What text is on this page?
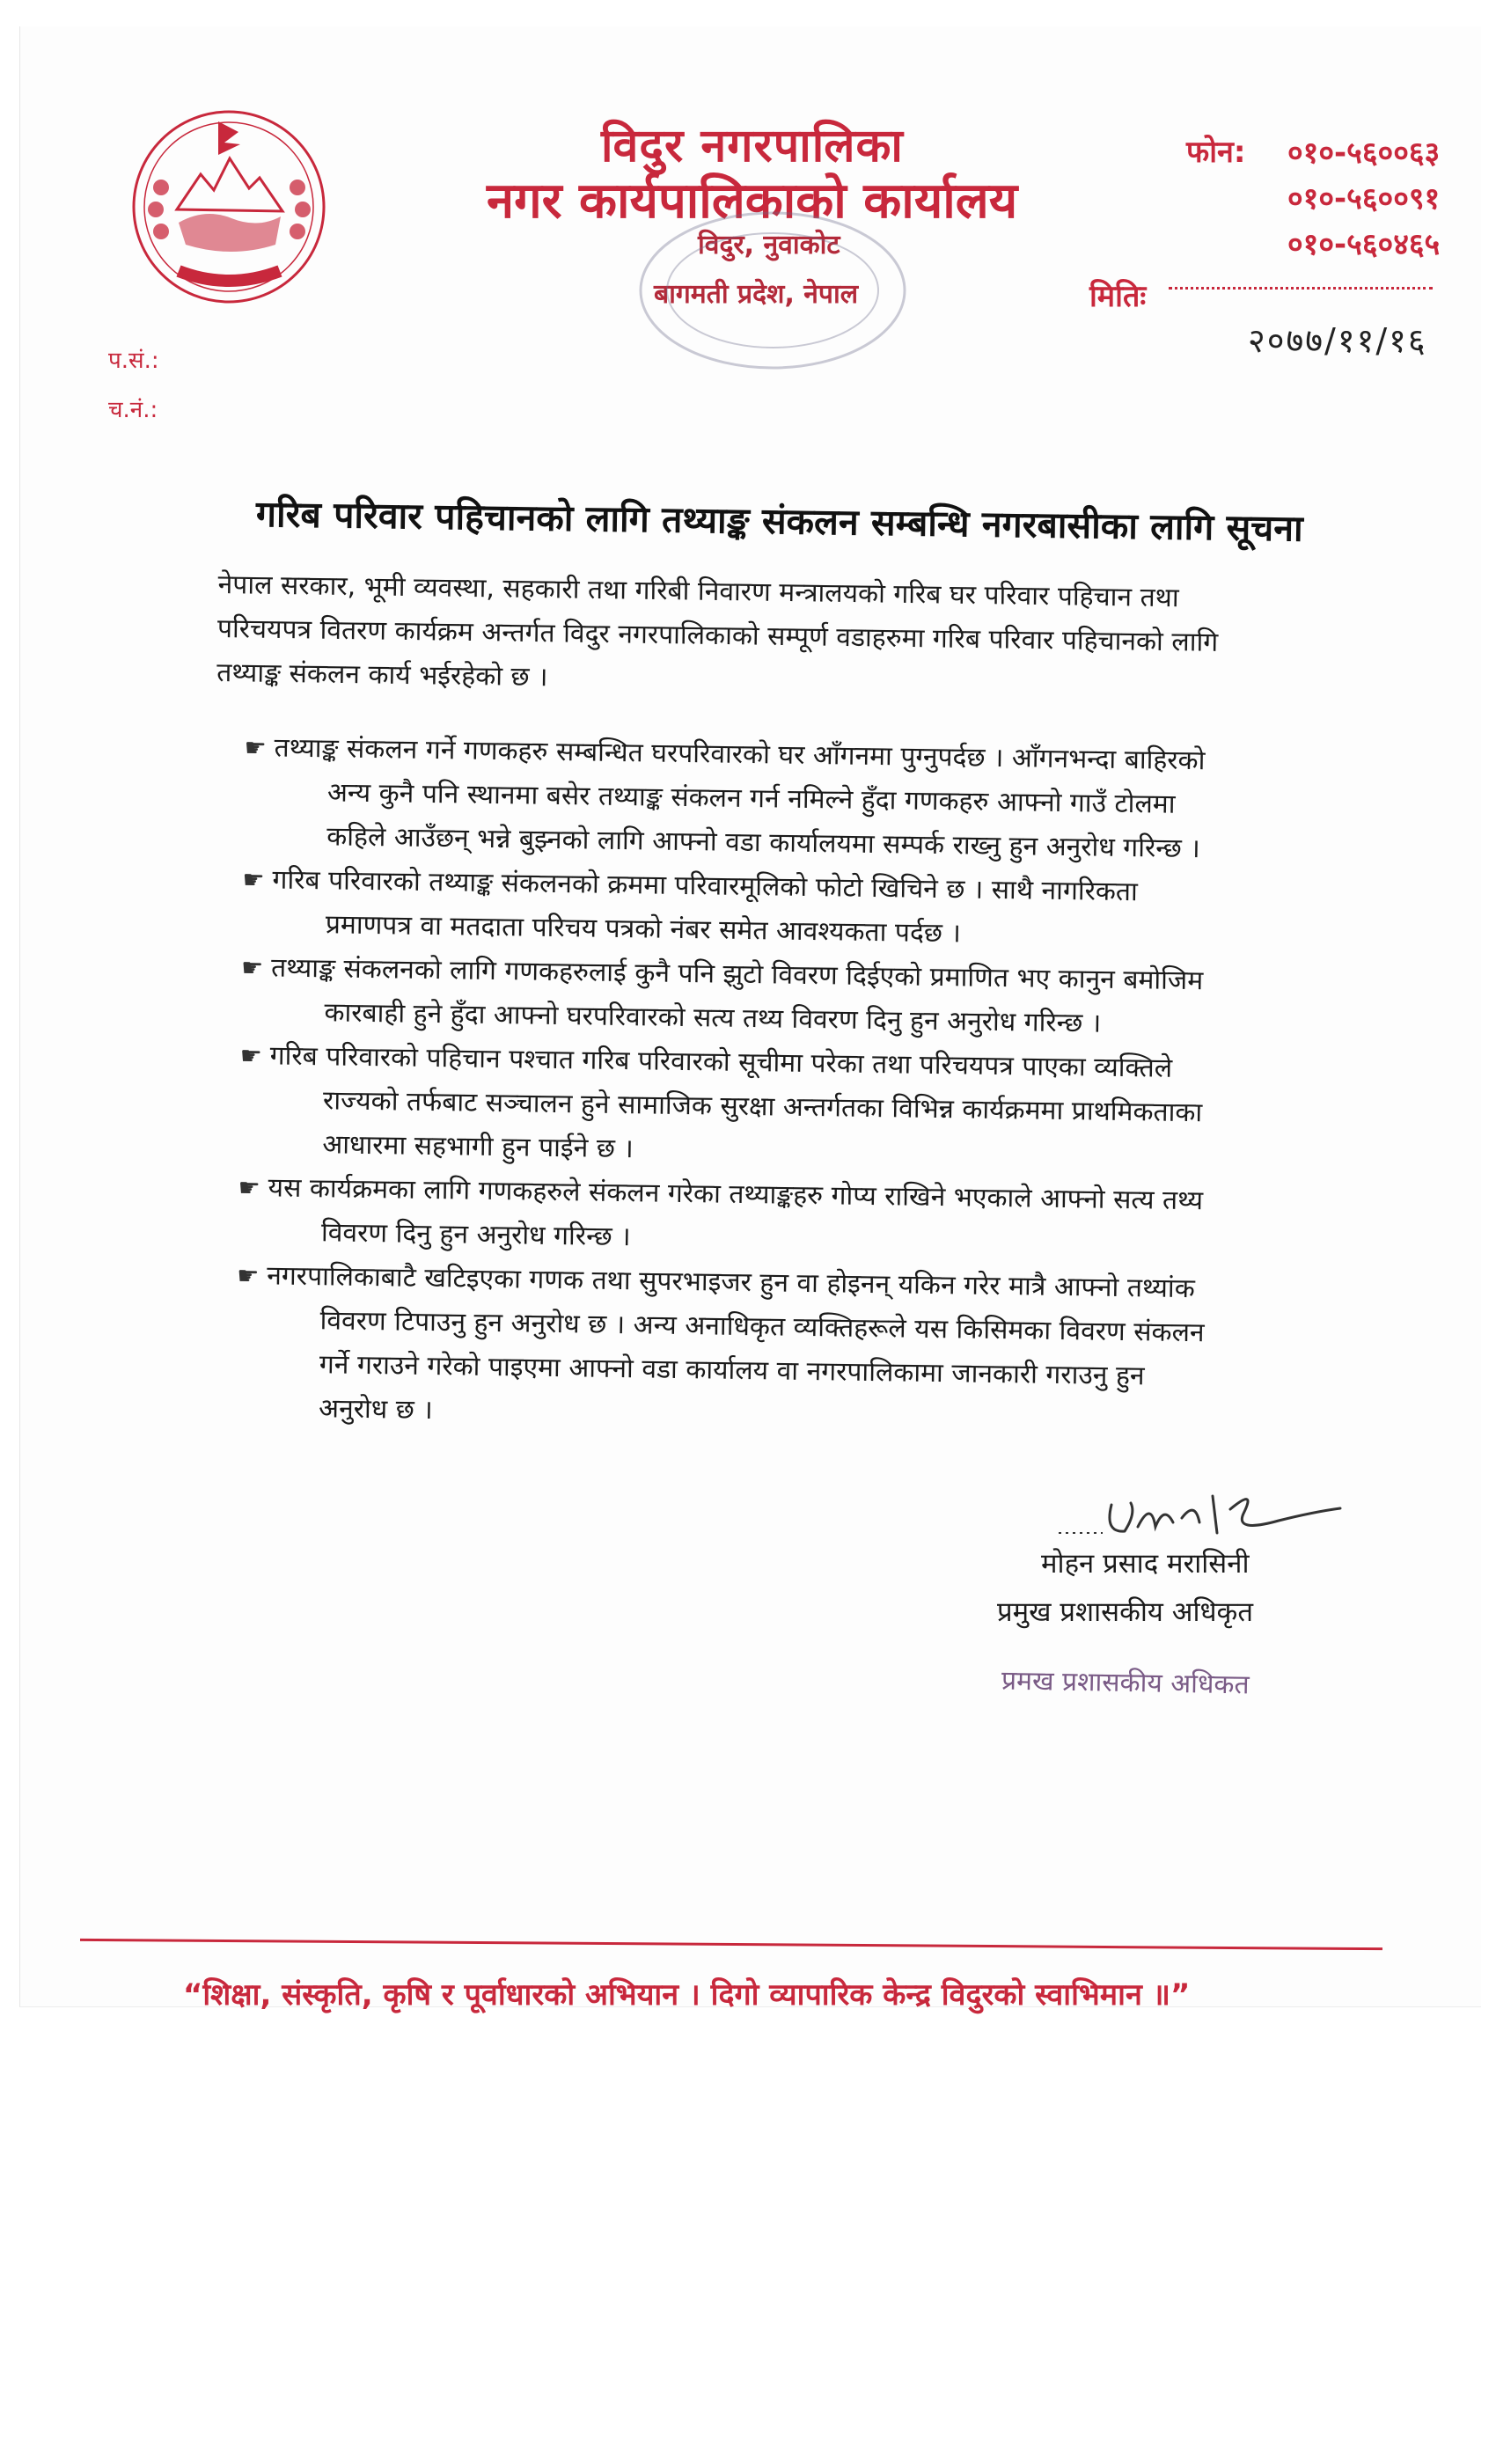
विदुर नगरपालिका
नगर कार्यपालिकाको कार्यालय
विदुर, नुवाकोट
बागमती प्रदेश, नेपाल
फोन: ०१०-५६००६३
०१०-५६००९१
०१०-५६०४६५
मितिः
२०७७/११/१६
प.सं.:
च.नं.:
गरिब परिवार पहिचानको लागि तथ्याङ्क संकलन सम्बन्धि नगरबासीका लागि सूचना
नेपाल सरकार, भूमी व्यवस्था, सहकारी तथा गरिबी निवारण मन्त्रालयको गरिब घर परिवार पहिचान तथा
परिचयपत्र वितरण कार्यक्रम अन्तर्गत विदुर नगरपालिकाको सम्पूर्ण वडाहरुमा गरिब परिवार पहिचानको लागि
तथ्याङ्क संकलन कार्य भईरहेको छ ।
☛ तथ्याङ्क संकलन गर्ने गणकहरु सम्बन्धित घरपरिवारको घर आँगनमा पुग्नुपर्दछ । आँगनभन्दा बाहिरको
अन्य कुनै पनि स्थानमा बसेर तथ्याङ्क संकलन गर्न नमिल्ने हुँदा गणकहरु आफ्नो गाउँ टोलमा
कहिले आउँछन् भन्ने बुझ्नको लागि आफ्नो वडा कार्यालयमा सम्पर्क राख्नु हुन अनुरोध गरिन्छ ।
☛ गरिब परिवारको तथ्याङ्क संकलनको क्रममा परिवारमूलिको फोटो खिचिने छ । साथै नागरिकता
प्रमाणपत्र वा मतदाता परिचय पत्रको नंबर समेत आवश्यकता पर्दछ ।
☛ तथ्याङ्क संकलनको लागि गणकहरुलाई कुनै पनि झुटो विवरण दिईएको प्रमाणित भए कानुन बमोजिम
कारबाही हुने हुँदा आफ्नो घरपरिवारको सत्य तथ्य विवरण दिनु हुन अनुरोध गरिन्छ ।
☛ गरिब परिवारको पहिचान पश्चात गरिब परिवारको सूचीमा परेका तथा परिचयपत्र पाएका व्यक्तिले
राज्यको तर्फबाट सञ्चालन हुने सामाजिक सुरक्षा अन्तर्गतका विभिन्न कार्यक्रममा प्राथमिकताका
आधारमा सहभागी हुन पाईने छ ।
☛ यस कार्यक्रमका लागि गणकहरुले संकलन गरेका तथ्याङ्कहरु गोप्य राखिने भएकाले आफ्नो सत्य तथ्य
विवरण दिनु हुन अनुरोध गरिन्छ ।
☛ नगरपालिकाबाटै खटिइएका गणक तथा सुपरभाइजर हुन वा होइनन् यकिन गरेर मात्रै आफ्नो तथ्यांक
विवरण टिपाउनु हुन अनुरोध छ । अन्य अनाधिकृत व्यक्तिहरूले यस किसिमका विवरण संकलन
गर्ने गराउने गरेको पाइएमा आफ्नो वडा कार्यालय वा नगरपालिकामा जानकारी गराउनु हुन
अनुरोध छ ।
मोहन प्रसाद मरासिनी
प्रमुख प्रशासकीय अधिकृत
प्रमख प्रशासकीय अधिकत
“शिक्षा, संस्कृति, कृषि र पूर्वाधारको अभियान । दिगो व्यापारिक केन्द्र विदुरको स्वाभिमान ॥”
